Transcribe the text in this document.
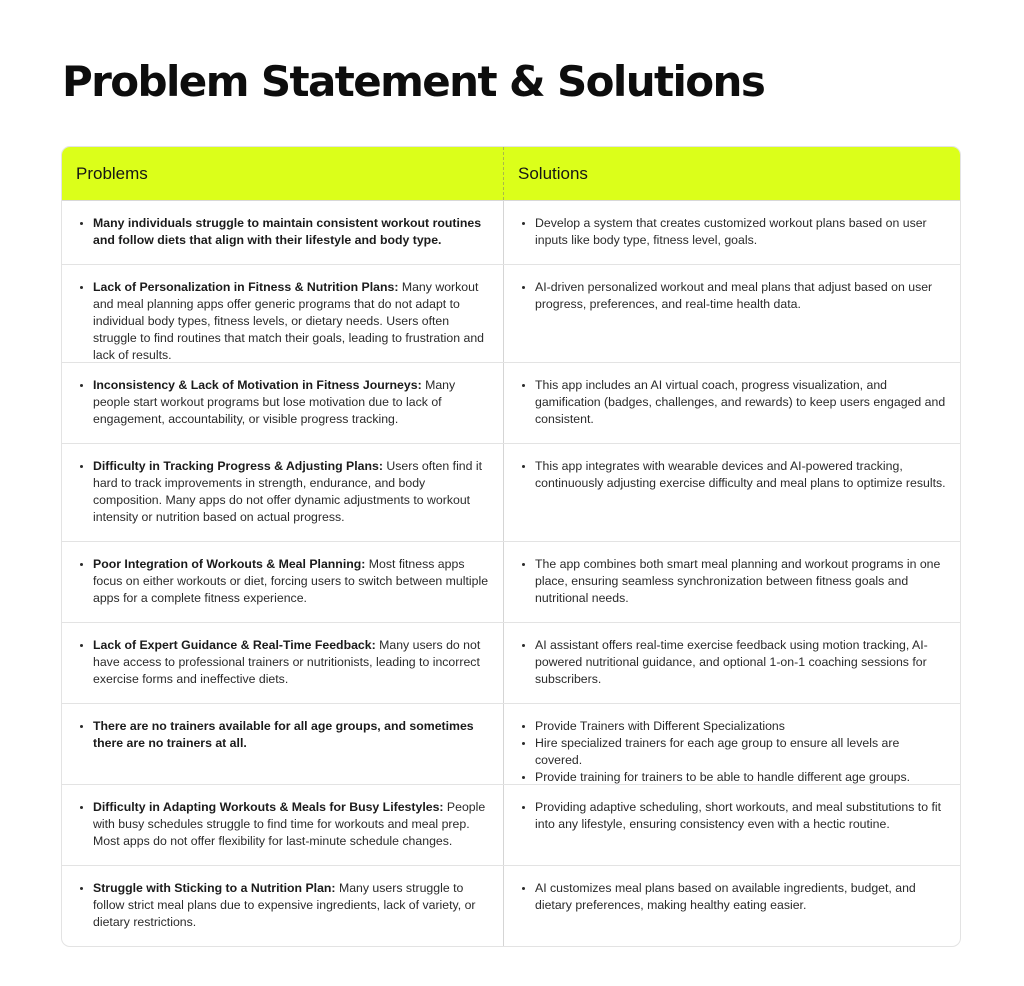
Problem Statement & Solutions
Problems	Solutions
• Many individuals struggle to maintain consistent workout routines and follow diets that align with their lifestyle and body type.
• Develop a system that creates customized workout plans based on user inputs like body type, fitness level, goals.
• Lack of Personalization in Fitness & Nutrition Plans: Many workout and meal planning apps offer generic programs that do not adapt to individual body types, fitness levels, or dietary needs. Users often struggle to find routines that match their goals, leading to frustration and lack of results.
• AI-driven personalized workout and meal plans that adjust based on user progress, preferences, and real-time health data.
• Inconsistency & Lack of Motivation in Fitness Journeys: Many people start workout programs but lose motivation due to lack of engagement, accountability, or visible progress tracking.
• This app includes an AI virtual coach, progress visualization, and gamification (badges, challenges, and rewards) to keep users engaged and consistent.
• Difficulty in Tracking Progress & Adjusting Plans: Users often find it hard to track improvements in strength, endurance, and body composition. Many apps do not offer dynamic adjustments to workout intensity or nutrition based on actual progress.
• This app integrates with wearable devices and AI-powered tracking, continuously adjusting exercise difficulty and meal plans to optimize results.
• Poor Integration of Workouts & Meal Planning: Most fitness apps focus on either workouts or diet, forcing users to switch between multiple apps for a complete fitness experience.
• The app combines both smart meal planning and workout programs in one place, ensuring seamless synchronization between fitness goals and nutritional needs.
• Lack of Expert Guidance & Real-Time Feedback: Many users do not have access to professional trainers or nutritionists, leading to incorrect exercise forms and ineffective diets.
• AI assistant offers real-time exercise feedback using motion tracking, AI-powered nutritional guidance, and optional 1-on-1 coaching sessions for subscribers.
• There are no trainers available for all age groups, and sometimes there are no trainers at all.
• Provide Trainers with Different Specializations
• Hire specialized trainers for each age group to ensure all levels are covered.
• Provide training for trainers to be able to handle different age groups.
• Difficulty in Adapting Workouts & Meals for Busy Lifestyles: People with busy schedules struggle to find time for workouts and meal prep. Most apps do not offer flexibility for last-minute schedule changes.
• Providing adaptive scheduling, short workouts, and meal substitutions to fit into any lifestyle, ensuring consistency even with a hectic routine.
• Struggle with Sticking to a Nutrition Plan: Many users struggle to follow strict meal plans due to expensive ingredients, lack of variety, or dietary restrictions.
• AI customizes meal plans based on available ingredients, budget, and dietary preferences, making healthy eating easier.
